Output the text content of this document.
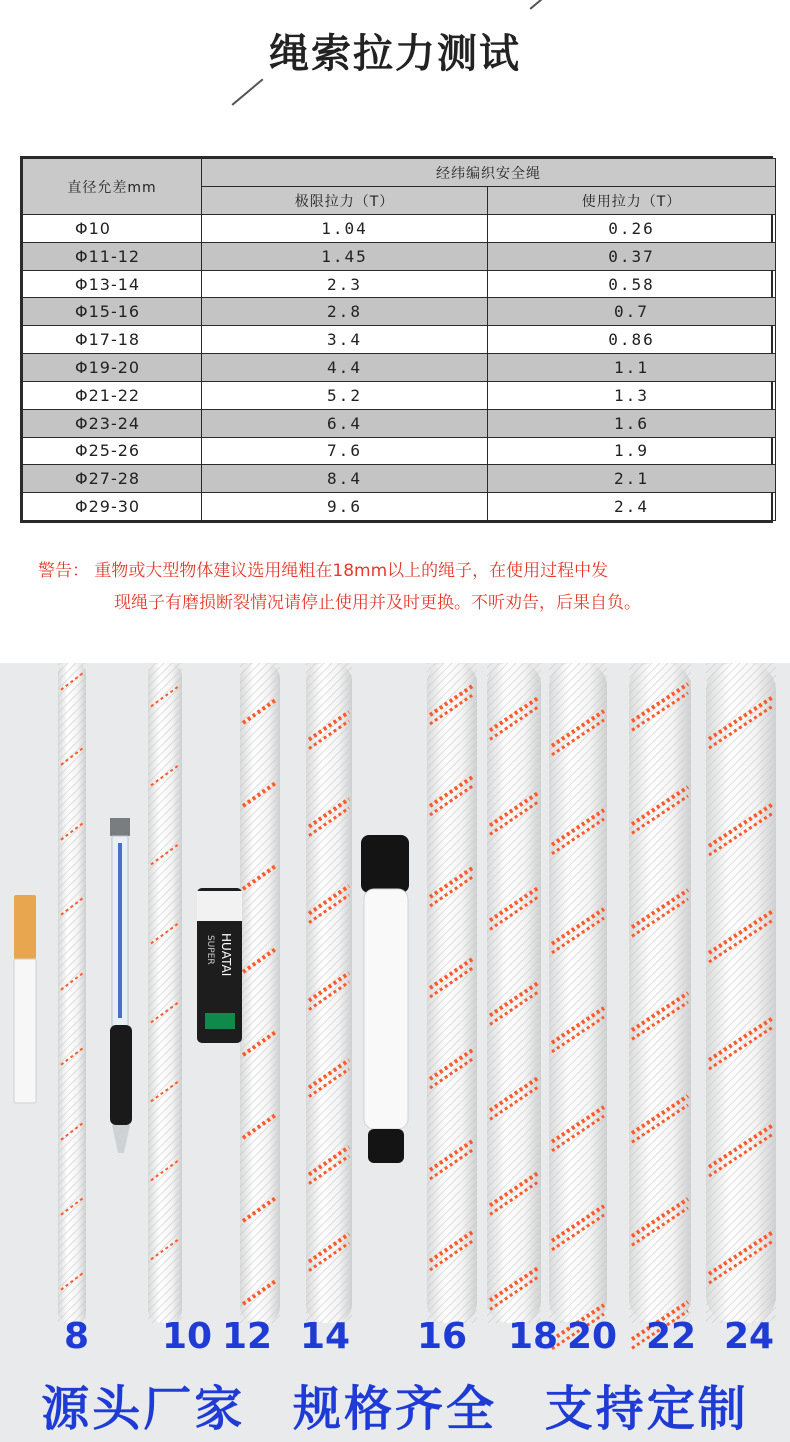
绳索拉力测试
直径允差mm	经纬编织安全绳	
	极限拉力（T）	使用拉力（T）
Φ10	1.04	0.26
Φ11-12	1.45	0.37
Φ13-14	2.3	0.58
Φ15-16	2.8	0.7
Φ17-18	3.4	0.86
Φ19-20	4.4	1.1
Φ21-22	5.2	1.3
Φ23-24	6.4	1.6
Φ25-26	7.6	1.9
Φ27-28	8.4	2.1
Φ29-30	9.6	2.4
警告： 重物或大型物体建议选用绳粗在18mm以上的绳子，在使用过程中发
现绳子有磨损断裂情况请停止使用并及时更换。不听劝告，后果自负。
HUATAI
SUPER
8 10 12 14 16 18 20 22 24
源头厂家 规格齐全 支持定制
